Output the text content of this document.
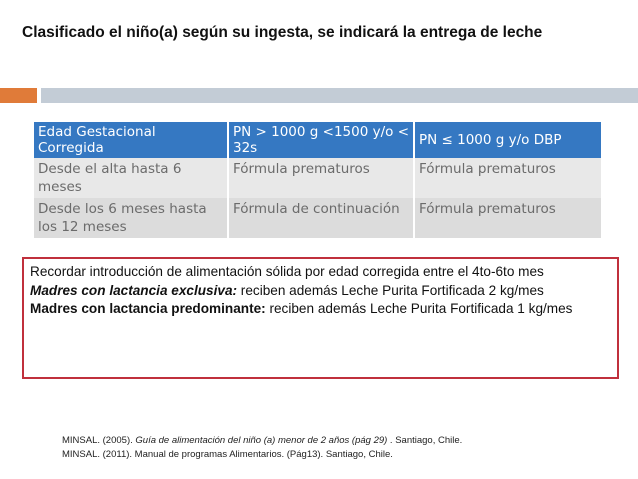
Clasificado el niño(a) según su ingesta, se indicará la entrega de leche
Edad Gestacional Corregida	PN > 1000 g <1500 y/o < 32s	PN ≤ 1000 g y/o DBP
Desde el alta hasta 6 meses	Fórmula prematuros	Fórmula prematuros
Desde los 6 meses hasta los 12 meses	Fórmula de continuación	Fórmula prematuros

Recordar introducción de alimentación sólida por edad corregida entre el 4to-6to mes

Madres con lactancia exclusiva: reciben además Leche Purita Fortificada 2 kg/mes

Madres con lactancia predominante: reciben además Leche Purita Fortificada 1 kg/mes

MINSAL. (2005). Guía de alimentación del niño (a) menor de 2 años (pág 29) . Santiago, Chile.

MINSAL. (2011). Manual de programas Alimentarios. (Pág13). Santiago, Chile.
